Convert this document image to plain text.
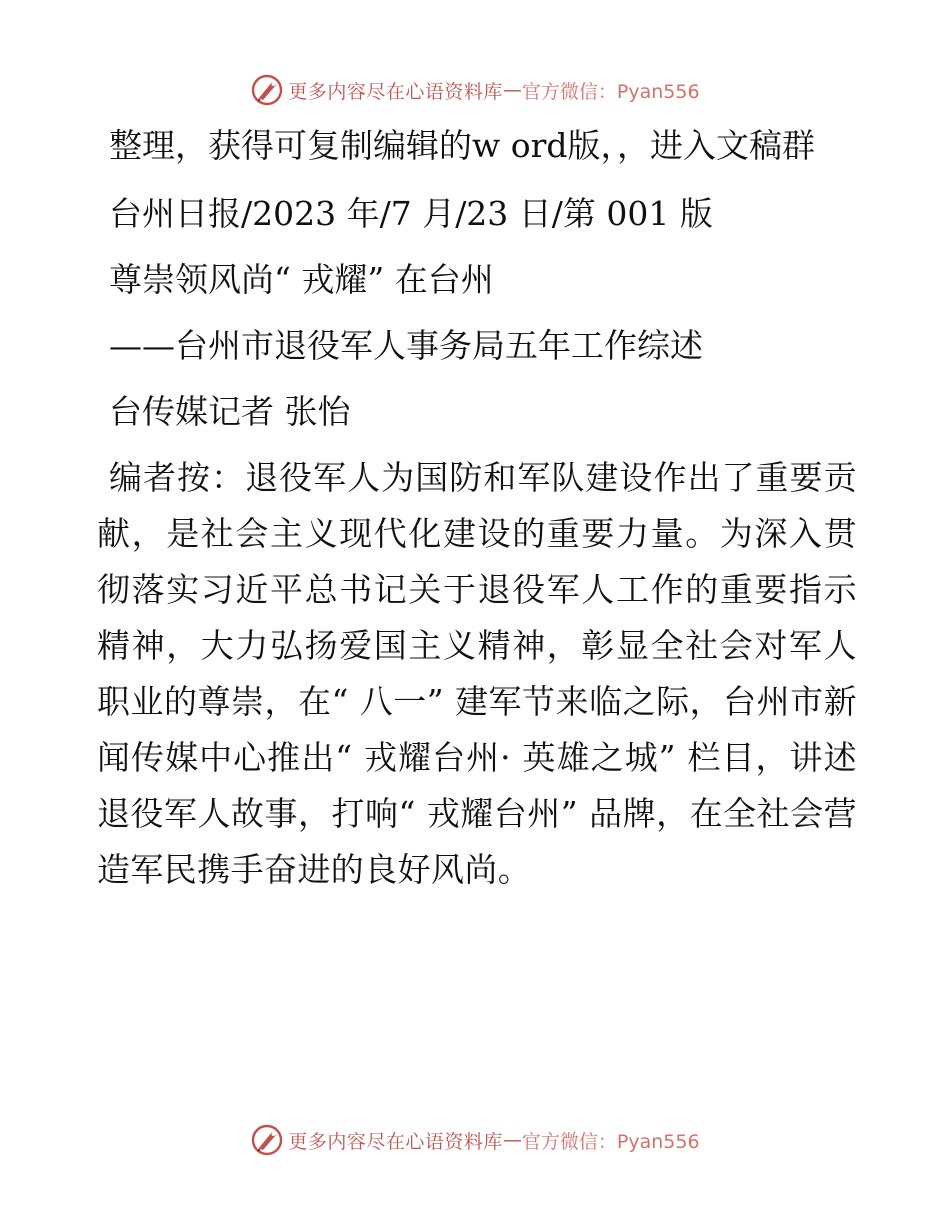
更多内容尽在心语资料库 — 官方微信：Pyan556

整理，获得可复制编辑的w ord版，，进入文稿群

台州日报/2023 年/7 月/23 日/第 001 版

尊崇领风尚“ 戎耀” 在台州

——台州市退役军人事务局五年工作综述

台传媒记者 张怡

编者按：退役军人为国防和军队建设作出了重要贡献，是社会主义现代化建设的重要力量。为深入贯彻落实习近平总书记关于退役军人工作的重要指示精神，大力弘扬爱国主义精神，彰显全社会对军人职业的尊崇，在“ 八一” 建军节来临之际，台州市新闻传媒中心推出“ 戎耀台州· 英雄之城” 栏目，讲述退役军人故事，打响“ 戎耀台州” 品牌，在全社会营造军民携手奋进的良好风尚。

更多内容尽在心语资料库 — 官方微信：Pyan556
